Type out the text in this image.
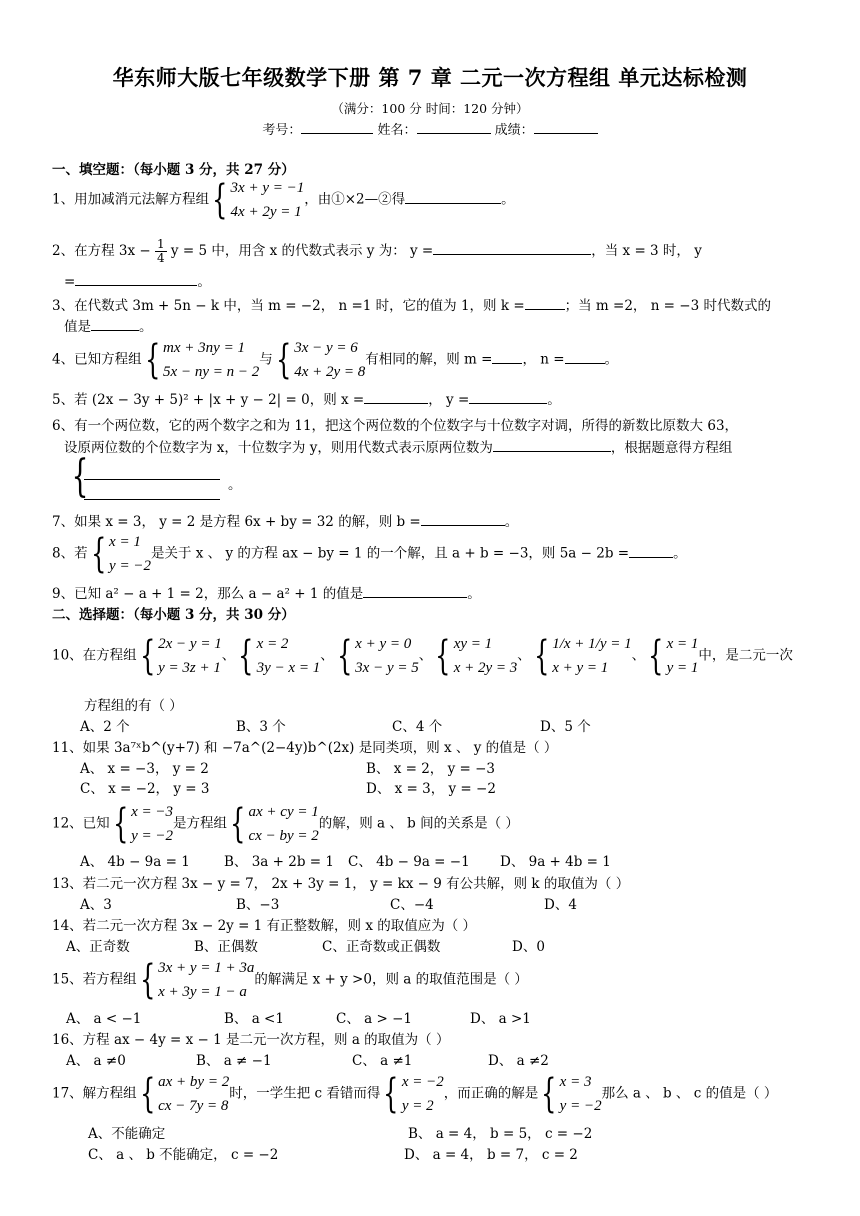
华东师大版七年级数学下册 第 7 章 二元一次方程组 单元达标检测
（满分：100 分 时间：120 分钟）
考号：	姓名：	成绩：
一、填空题：（每小题 3 分，共 27 分）
1、用加减消元法解方程组 { 3x + y = −1
4x + 2y = 1
，由①×2—②得	。
2、在方程 $3x - \frac{1}{4}$ y = 5 中，用含 x 的代数式表示 y 为： y =	，当 x = 3 时， y
=	。
3、在代数式 3m + 5n − k 中，当 m = −2， n =1 时，它的值为 1，则 k =	；当 m =2， n = −3 时代数式的
值是	。
4、已知方程组 { mx + 3ny = 1
5x − ny = n − 2
与 { 3x − y = 6
4x + 2y = 8
有相同的解，则 m = ， n =	。
5、若 (2x − 3y + 5)² + |x + y − 2| = 0，则 x =	， y =	。
6、有一个两位数，它的两个数字之和为 11，把这个两位数的个位数字与十位数字对调，所得的新数比原数大 63，
设原两位数的个位数字为 x，十位数字为 y，则用代数式表示原两位数为	，根据题意得方程组
{	。
7、如果 x = 3， y = 2 是方程 6x + by = 32 的解，则 b =	。
8、若 { x = 1
y = −2
是关于 x 、 y 的方程 ax − by = 1 的一个解，且 a + b = −3，则 5a − 2b =	。
9、已知 a² − a + 1 = 2，那么 a − a² + 1 的值是	。
二、选择题：（每小题 3 分，共 30 分）
10、在方程组 { 2x − y = 1
y = 3z + 1
、 { x = 2
3y − x = 1
、 { x + y = 0
3x − y = 5
、 { xy = 1
x + 2y = 3
、 { 1/x + 1/y = 1
x + y = 1
、 { x = 1
y = 1
中，是二元一次
方程组的有（ ）
A、2 个	B、3 个	C、4 个	D、5 个
11、如果 3a⁷ˣb^(y+7) 和 −7a^(2−4y)b^(2x) 是同类项，则 x 、 y 的值是（ ）
A、 x = −3， y = 2	B、 x = 2， y = −3
C、 x = −2， y = 3	D、 x = 3， y = −2
12、已知 { x = −3
y = −2
是方程组 { ax + cy = 1
cx − by = 2
的解，则 a 、 b 间的关系是（ ）
A、 4b − 9a = 1	B、 3a + 2b = 1 C、 4b − 9a = −1 D、 9a + 4b = 1
13、若二元一次方程 3x − y = 7， 2x + 3y = 1， y = kx − 9 有公共解，则 k 的取值为（ ）
A、3	B、−3	C、−4	D、4
14、若二元一次方程 3x − 2y = 1 有正整数解，则 x 的取值应为（ ）
A、正奇数	B、正偶数	C、正奇数或正偶数	D、0
15、若方程组 { 3x + y = 1 + 3a
x + 3y = 1 − a
的解满足 x + y >0，则 a 的取值范围是（ ）
A、 a < −1	B、 a <1	C、 a > −1	D、 a >1
16、方程 ax − 4y = x − 1 是二元一次方程，则 a 的取值为（ ）
A、 a ≠0	B、 a ≠ −1	C、 a ≠1	D、 a ≠2
17、解方程组 { ax + by = 2
cx − 7y = 8
时，一学生把 c 看错而得 { x = −2
y = 2
，而正确的解是 { x = 3
y = −2
那么 a 、 b 、 c 的值是（ ）
A、不能确定	B、 a = 4， b = 5， c = −2
C、 a 、 b 不能确定， c = −2	D、 a = 4， b = 7， c = 2
